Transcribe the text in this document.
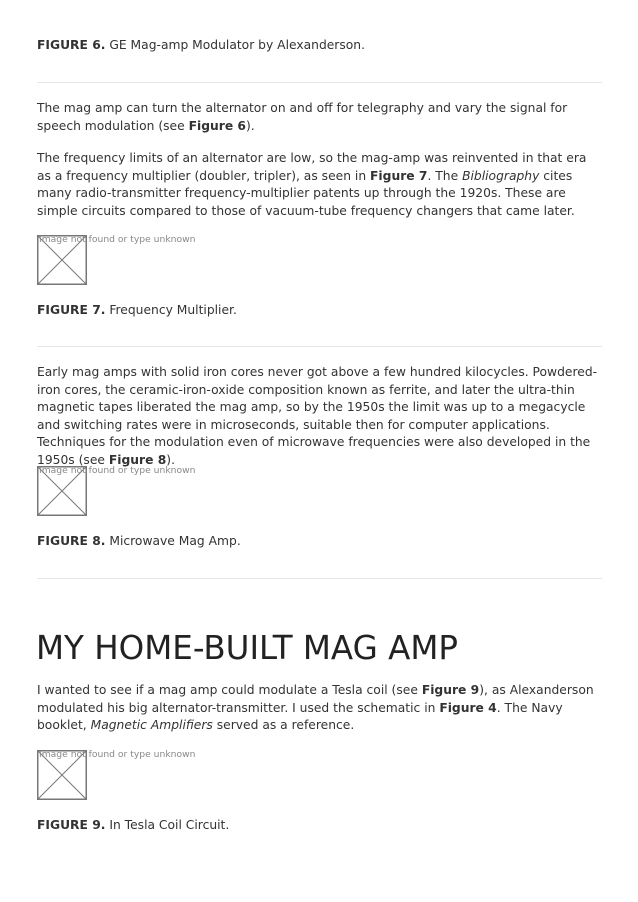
FIGURE 6. GE Mag-amp Modulator by Alexanderson.

The mag amp can turn the alternator on and off for telegraphy and vary the signal for speech modulation (see Figure 6).

The frequency limits of an alternator are low, so the mag-amp was reinvented in that era as a frequency multiplier (doubler, tripler), as seen in Figure 7. The Bibliography cites many radio-transmitter frequency-multiplier patents up through the 1920s. These are simple circuits compared to those of vacuum-tube frequency changers that came later.

Image not found or type unknown
FIGURE 7. Frequency Multiplier.

Early mag amps with solid iron cores never got above a few hundred kilocycles. Powdered-iron cores, the ceramic-iron-oxide composition known as ferrite, and later the ultra-thin magnetic tapes liberated the mag amp, so by the 1950s the limit was up to a megacycle and switching rates were in microseconds, suitable then for computer applications. Techniques for the modulation even of microwave frequencies were also developed in the 1950s (see Figure 8).

Image not found or type unknown
FIGURE 8. Microwave Mag Amp.
MY HOME-BUILT MAG AMP

I wanted to see if a mag amp could modulate a Tesla coil (see Figure 9), as Alexanderson modulated his big alternator-transmitter. I used the schematic in Figure 4. The Navy booklet, Magnetic Amplifiers served as a reference.

Image not found or type unknown
FIGURE 9. In Tesla Coil Circuit.
